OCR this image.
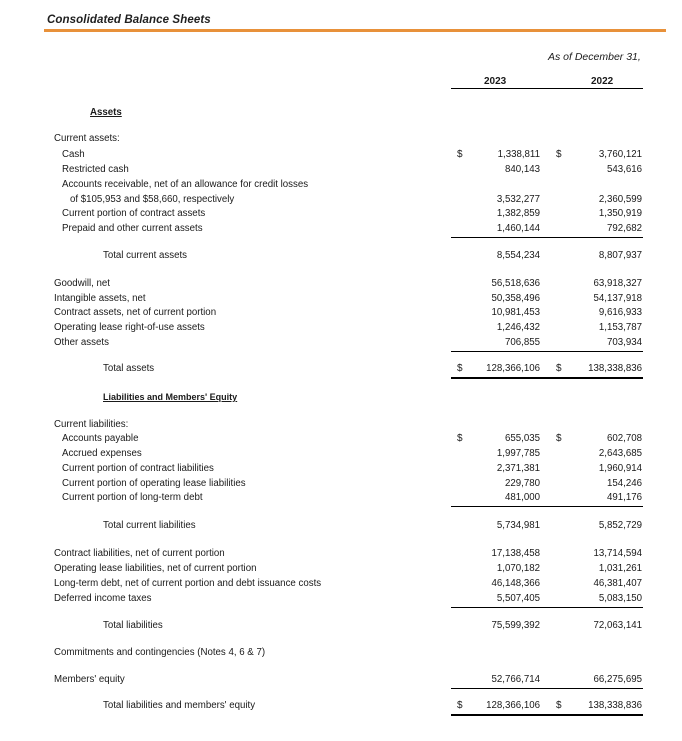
Consolidated Balance Sheets
As of December 31,
2023	2022
Assets
Current assets:
Cash	$	1,338,811 $	3,760,121
Restricted cash	840,143	543,616
Accounts receivable, net of an allowance for credit losses
of $105,953 and $58,660, respectively	3,532,277	2,360,599
Current portion of contract assets	1,382,859	1,350,919
Prepaid and other current assets	1,460,144	792,682
Total current assets	8,554,234	8,807,937
Goodwill, net	56,518,636	63,918,327
Intangible assets, net	50,358,496	54,137,918
Contract assets, net of current portion	10,981,453	9,616,933
Operating lease right-of-use assets	1,246,432	1,153,787
Other assets	706,855	703,934
Total assets	$	128,366,106 $	138,338,836
Liabilities and Members' Equity
Current liabilities:
Accounts payable	$	655,035 $	602,708
Accrued expenses	1,997,785	2,643,685
Current portion of contract liabilities	2,371,381	1,960,914
Current portion of operating lease liabilities	229,780	154,246
Current portion of long-term debt	481,000	491,176
Total current liabilities	5,734,981	5,852,729
Contract liabilities, net of current portion	17,138,458	13,714,594
Operating lease liabilities, net of current portion	1,070,182	1,031,261
Long-term debt, net of current portion and debt issuance costs	46,148,366	46,381,407
Deferred income taxes	5,507,405	5,083,150
Total liabilities	75,599,392	72,063,141
Commitments and contingencies (Notes 4, 6 & 7)
Members' equity	52,766,714	66,275,695
Total liabilities and members' equity	$	128,366,106 $	138,338,836
